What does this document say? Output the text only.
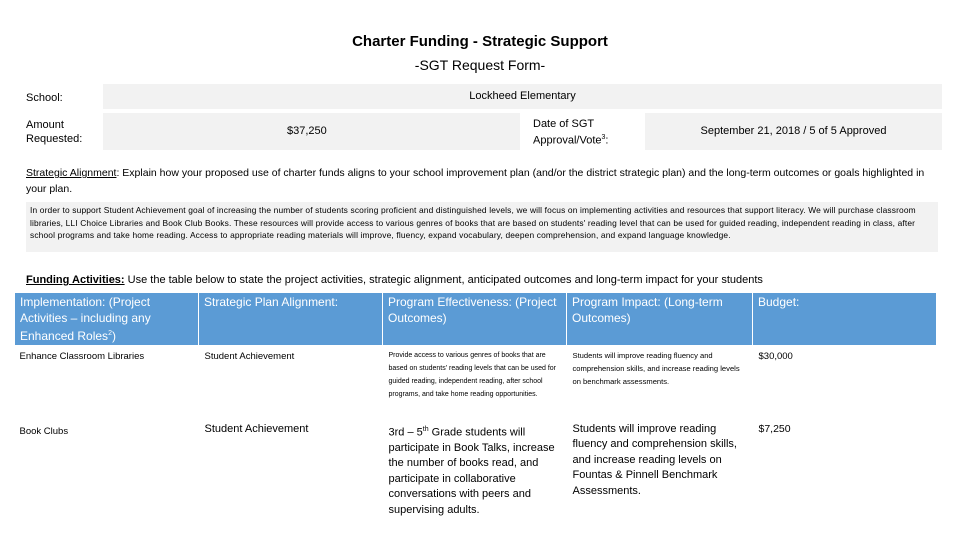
Charter Funding - Strategic Support
-SGT Request Form-
School:	Lockheed Elementary
Amount Requested:
$37,250
Date of SGT Approval/Vote$^3$:
September 21, 2018 / 5 of 5 Approved
Strategic Alignment: Explain how your proposed use of charter funds aligns to your school improvement plan (and/or the district strategic plan) and the long-term outcomes or goals highlighted in your plan.
In order to support Student Achievement goal of increasing the number of students scoring proficient and distinguished levels, we will focus on implementing activities and resources that support literacy. We will purchase classroom libraries, LLI Choice Libraries and Book Club Books. These resources will provide access to various genres of books that are based on students' reading level that can be used for guided reading, independent reading in class, after school programs and take home reading. Access to appropriate reading materials will improve, fluency, expand vocabulary, deepen comprehension, and expand language knowledge.
Funding Activities: Use the table below to state the project activities, strategic alignment, anticipated outcomes and long-term impact for your students
Implementation: (Project Activities – including any Enhanced Roles$^2$)	Strategic Plan Alignment:	Program Effectiveness: (Project Outcomes)	Program Impact: (Long-term Outcomes)	Budget:
Enhance Classroom Libraries	Student Achievement	Provide access to various genres of books that are based on students' reading levels that can be used for guided reading, independent reading, after school programs, and take home reading opportunities.	Students will improve reading fluency and comprehension skills, and increase reading levels on benchmark assessments.	$30,000
Book Clubs	Student Achievement	3rd – 5th Grade students will participate in Book Talks, increase the number of books read, and participate in collaborative conversations with peers and supervising adults.	Students will improve reading fluency and comprehension skills, and increase reading levels on Fountas & Pinnell Benchmark Assessments.	$7,250
